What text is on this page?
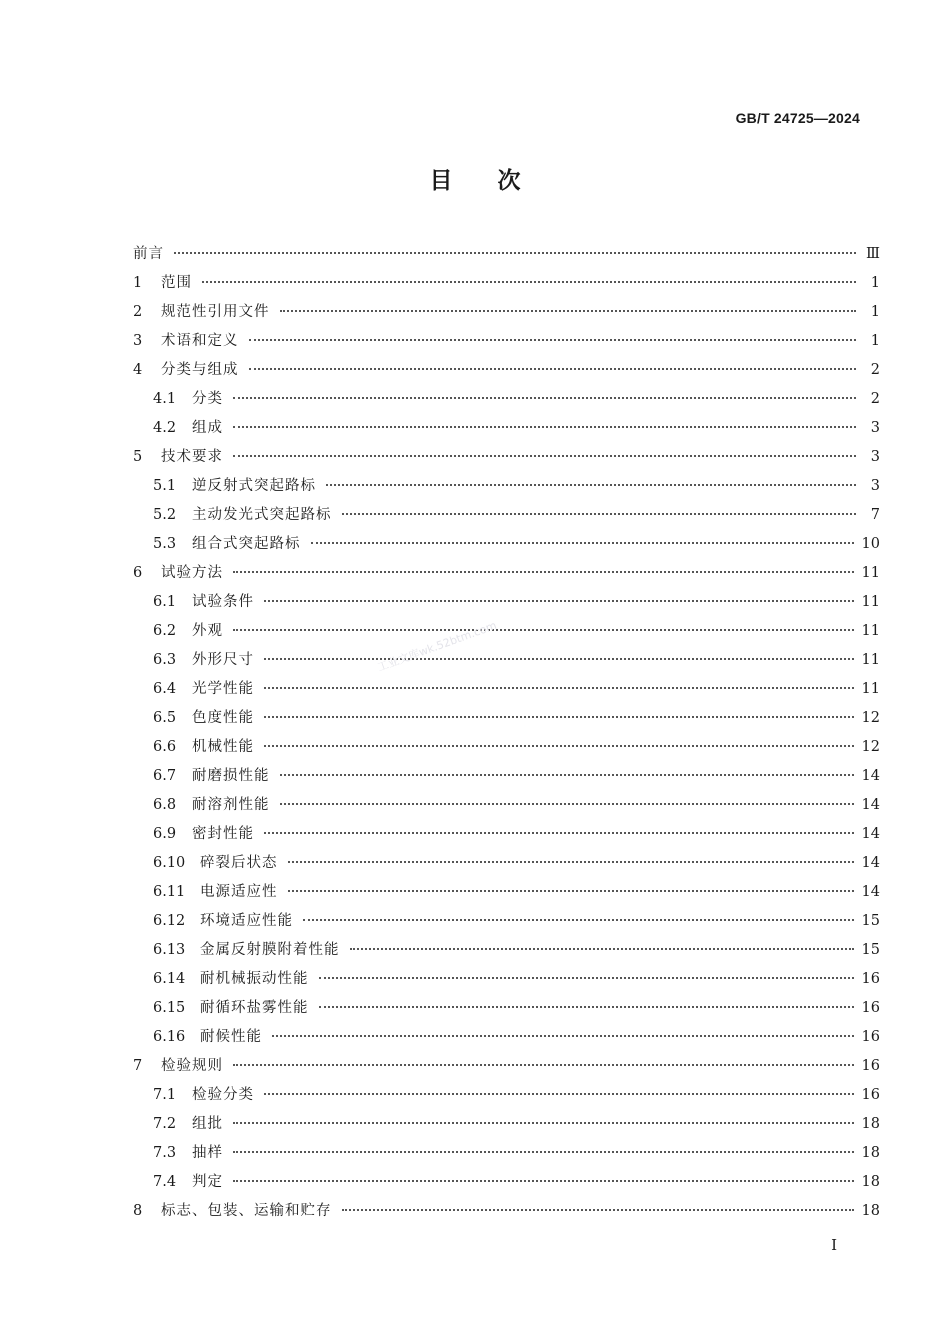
GB/T 24725—2024
目次
前言	Ⅲ
1	范围	1
2	规范性引用文件	1
3	术语和定义	1
4	分类与组成	2
4.1	分类	2
4.2	组成	3
5	技术要求	3
5.1	逆反射式突起路标	3
5.2	主动发光式突起路标	7
5.3	组合式突起路标	10
6	试验方法	11
6.1	试验条件	11
6.2	外观	11
6.3	外形尺寸	11
6.4	光学性能	11
6.5	色度性能	12
6.6	机械性能	12
6.7	耐磨损性能	14
6.8	耐溶剂性能	14
6.9	密封性能	14
6.10	碎裂后状态	14
6.11	电源适应性	14
6.12	环境适应性能	15
6.13	金属反射膜附着性能	15
6.14	耐机械振动性能	16
6.15	耐循环盐雾性能	16
6.16	耐候性能	16
7	检验规则	16
7.1	检验分类	16
7.2	组批	18
7.3	抽样	18
7.4	判定	18
8	标志、包装、运输和贮存	18
工业文库wk.52btm.com
I
